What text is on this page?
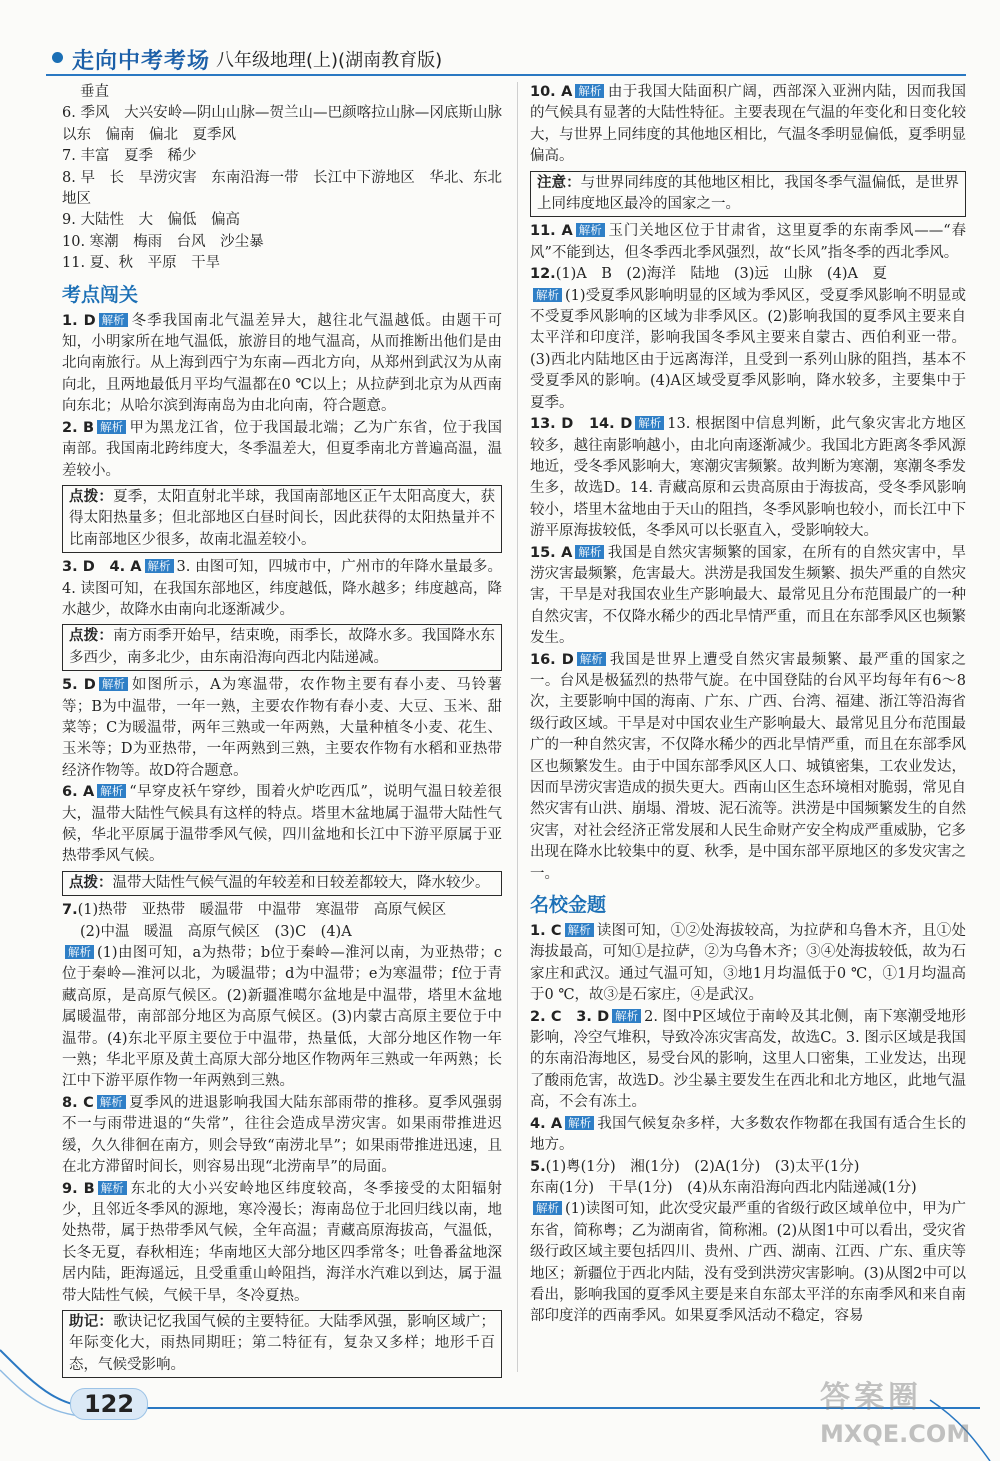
走向中考考场 八年级地理(上)(湖南教育版)

垂直

6. 季风　大兴安岭—阴山山脉—贺兰山—巴颜喀拉山脉—冈底斯山脉以东　偏南　偏北　夏季风

7. 丰富　夏季　稀少

8. 早　长　旱涝灾害　东南沿海一带　长江中下游地区　华北、东北地区

9. 大陆性　大　偏低　偏高

10. 寒潮　梅雨　台风　沙尘暴

11. 夏、秋　平原　干旱

考点闯关

1. D 解析 冬季我国南北气温差异大，越往北气温越低。由题干可知，小明家所在地气温低，旅游目的地气温高，从而推断出他们是由北向南旅行。从上海到西宁为东南—西北方向，从郑州到武汉为从南向北，且两地最低月平均气温都在0 ℃以上；从拉萨到北京为从西南向东北；从哈尔滨到海南岛为由北向南，符合题意。

2. B 解析 甲为黑龙江省，位于我国最北端；乙为广东省，位于我国南部。我国南北跨纬度大，冬季温差大，但夏季南北方普遍高温，温差较小。

点拨：夏季，太阳直射北半球，我国南部地区正午太阳高度大，获得太阳热量多；但北部地区白昼时间长，因此获得的太阳热量并不比南部地区少很多，故南北温差较小。

3. D　4. A 解析 3. 由图可知，四城市中，广州市的年降水量最多。4. 读图可知，在我国东部地区，纬度越低，降水越多；纬度越高，降水越少，故降水由南向北逐渐减少。

点拨：南方雨季开始早，结束晚，雨季长，故降水多。我国降水东多西少，南多北少，由东南沿海向西北内陆递减。

5. D 解析 如图所示，A为寒温带，农作物主要有春小麦、马铃薯等；B为中温带，一年一熟，主要农作物有春小麦、大豆、玉米、甜菜等；C为暖温带，两年三熟或一年两熟，大量种植冬小麦、花生、玉米等；D为亚热带，一年两熟到三熟，主要农作物有水稻和亚热带经济作物等。故D符合题意。

6. A 解析 “早穿皮袄午穿纱，围着火炉吃西瓜”，说明气温日较差很大，温带大陆性气候具有这样的特点。塔里木盆地属于温带大陆性气候，华北平原属于温带季风气候，四川盆地和长江中下游平原属于亚热带季风气候。

点拨：温带大陆性气候气温的年较差和日较差都较大，降水较少。

7.(1)热带　亚热带　暖温带　中温带　寒温带　高原气候区

(2)中温　暖温　高原气候区　(3)C　(4)A

解析 (1)由图可知，a为热带；b位于秦岭—淮河以南，为亚热带；c位于秦岭—淮河以北，为暖温带；d为中温带；e为寒温带；f位于青藏高原，是高原气候区。(2)新疆准噶尔盆地是中温带，塔里木盆地属暖温带，南部部分地区为高原气候区。(3)内蒙古高原主要位于中温带。(4)东北平原主要位于中温带，热量低，大部分地区作物一年一熟；华北平原及黄土高原大部分地区作物两年三熟或一年两熟；长江中下游平原作物一年两熟到三熟。

8. C 解析 夏季风的进退影响我国大陆东部雨带的推移。夏季风强弱不一与雨带进退的“失常”，往往会造成旱涝灾害。如果雨带推进迟缓，久久徘徊在南方，则会导致“南涝北旱”；如果雨带推进迅速，且在北方滞留时间长，则容易出现“北涝南旱”的局面。

9. B 解析 东北的大小兴安岭地区纬度较高，冬季接受的太阳辐射少，且邻近冬季风的源地，寒冷漫长；海南岛位于北回归线以南，地处热带，属于热带季风气候，全年高温；青藏高原海拔高，气温低，长冬无夏，春秋相连；华南地区大部分地区四季常冬；吐鲁番盆地深居内陆，距海遥远，且受重重山岭阻挡，海洋水汽难以到达，属于温带大陆性气候，气候干旱，冬冷夏热。

助记：歌诀记忆我国气候的主要特征。大陆季风强，影响区域广；年际变化大，雨热同期旺；第二特征有，复杂又多样；地形千百态，气候受影响。

10. A 解析 由于我国大陆面积广阔，西部深入亚洲内陆，因而我国的气候具有显著的大陆性特征。主要表现在气温的年变化和日变化较大，与世界上同纬度的其他地区相比，气温冬季明显偏低，夏季明显偏高。

注意：与世界同纬度的其他地区相比，我国冬季气温偏低，是世界上同纬度地区最冷的国家之一。

11. A 解析 玉门关地区位于甘肃省，这里夏季的东南季风——“春风”不能到达，但冬季西北季风强烈，故“长风”指冬季的西北季风。

12.(1)A　B　(2)海洋　陆地　(3)远　山脉　(4)A　夏

解析 (1)受夏季风影响明显的区域为季风区，受夏季风影响不明显或不受夏季风影响的区域为非季风区。(2)影响我国的夏季风主要来自太平洋和印度洋，影响我国冬季风主要来自蒙古、西伯利亚一带。(3)西北内陆地区由于远离海洋，且受到一系列山脉的阻挡，基本不受夏季风的影响。(4)A区域受夏季风影响，降水较多，主要集中于夏季。

13. D　14. D 解析 13. 根据图中信息判断，此气象灾害北方地区较多，越往南影响越小，由北向南逐渐减少。我国北方距离冬季风源地近，受冬季风影响大，寒潮灾害频繁。故判断为寒潮，寒潮冬季发生多，故选D。14. 青藏高原和云贵高原由于海拔高，受冬季风影响较小，塔里木盆地由于天山的阻挡，冬季风影响也较小，而长江中下游平原海拔较低，冬季风可以长驱直入，受影响较大。

15. A 解析 我国是自然灾害频繁的国家，在所有的自然灾害中，旱涝灾害最频繁，危害最大。洪涝是我国发生频繁、损失严重的自然灾害，干旱是对我国农业生产影响最大、最常见且分布范围最广的一种自然灾害，不仅降水稀少的西北旱情严重，而且在东部季风区也频繁发生。

16. D 解析 我国是世界上遭受自然灾害最频繁、最严重的国家之一。台风是极猛烈的热带气旋。在中国登陆的台风平均每年有6～8次，主要影响中国的海南、广东、广西、台湾、福建、浙江等沿海省级行政区域。干旱是对中国农业生产影响最大、最常见且分布范围最广的一种自然灾害，不仅降水稀少的西北旱情严重，而且在东部季风区也频繁发生。由于中国东部季风区人口、城镇密集，工农业发达，因而旱涝灾害造成的损失更大。西南山区生态环境相对脆弱，常见自然灾害有山洪、崩塌、滑坡、泥石流等。洪涝是中国频繁发生的自然灾害，对社会经济正常发展和人民生命财产安全构成严重威胁，它多出现在降水比较集中的夏、秋季，是中国东部平原地区的多发灾害之一。

名校金题

1. C 解析 读图可知，①②处海拔较高，为拉萨和乌鲁木齐，且①处海拔最高，可知①是拉萨，②为乌鲁木齐；③④处海拔较低，故为石家庄和武汉。通过气温可知，③地1月均温低于0 ℃，①1月均温高于0 ℃，故③是石家庄，④是武汉。

2. C　3. D 解析 2. 图中P区域位于南岭及其北侧，南下寒潮受地形影响，冷空气堆积，导致冷冻灾害高发，故选C。3. 图示区域是我国的东南沿海地区，易受台风的影响，这里人口密集，工业发达，出现了酸雨危害，故选D。沙尘暴主要发生在西北和北方地区，此地气温高，不会有冻土。

4. A 解析 我国气候复杂多样，大多数农作物都在我国有适合生长的地方。

5.(1)粤(1分)　湘(1分)　(2)A(1分)　(3)太平(1分)

东南(1分)　干旱(1分)　(4)从东南沿海向西北内陆递减(1分)

解析 (1)读图可知，此次受灾最严重的省级行政区域单位中，甲为广东省，简称粤；乙为湖南省，简称湘。(2)从图1中可以看出，受灾省级行政区域主要包括四川、贵州、广西、湖南、江西、广东、重庆等地区；新疆位于西北内陆，没有受到洪涝灾害影响。(3)从图2中可以看出，影响我国的夏季风主要是来自东部太平洋的东南季风和来自南部印度洋的西南季风。如果夏季风活动不稳定，容易

122	答案圈
MXQE.COM
